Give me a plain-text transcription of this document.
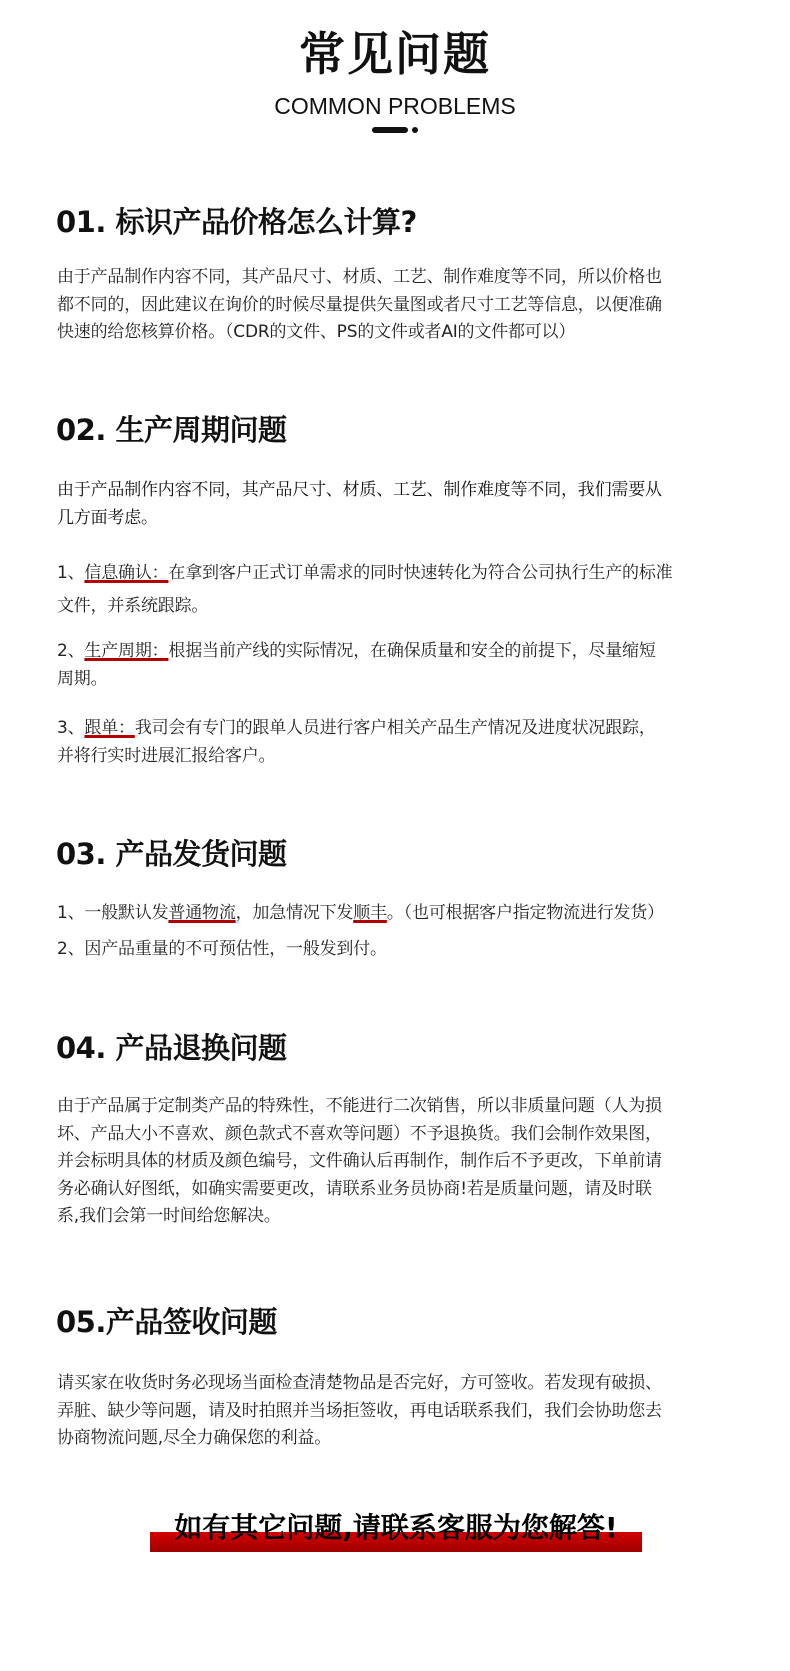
常见问题
COMMON PROBLEMS
01. 标识产品价格怎么计算?
由于产品制作内容不同，其产品尺寸、材质、工艺、制作难度等不同，所以价格也
都不同的，因此建议在询价的时候尽量提供矢量图或者尺寸工艺等信息，以便准确
快速的给您核算价格。（CDR的文件、PS的文件或者AI的文件都可以）
02. 生产周期问题
由于产品制作内容不同，其产品尺寸、材质、工艺、制作难度等不同，我们需要从
几方面考虑。
1、信息确认：在拿到客户正式订单需求的同时快速转化为符合公司执行生产的标准
文件，并系统跟踪。
2、生产周期：根据当前产线的实际情况，在确保质量和安全的前提下，尽量缩短
周期。
3、跟单：我司会有专门的跟单人员进行客户相关产品生产情况及进度状况跟踪，
并将行实时进展汇报给客户。
03. 产品发货问题
1、一般默认发普通物流，加急情况下发顺丰。（也可根据客户指定物流进行发货）
2、因产品重量的不可预估性，一般发到付。
04. 产品退换问题
由于产品属于定制类产品的特殊性，不能进行二次销售，所以非质量问题（人为损
坏、产品大小不喜欢、颜色款式不喜欢等问题）不予退换货。我们会制作效果图，
并会标明具体的材质及颜色编号，文件确认后再制作，制作后不予更改，下单前请
务必确认好图纸，如确实需要更改，请联系业务员协商!若是质量问题，请及时联
系,我们会第一时间给您解决。
05.产品签收问题
请买家在收货时务必现场当面检查清楚物品是否完好，方可签收。若发现有破损、
弄脏、缺少等问题，请及时拍照并当场拒签收，再电话联系我们，我们会协助您去
协商物流问题,尽全力确保您的利益。
如有其它问题,请联系客服为您解答!
